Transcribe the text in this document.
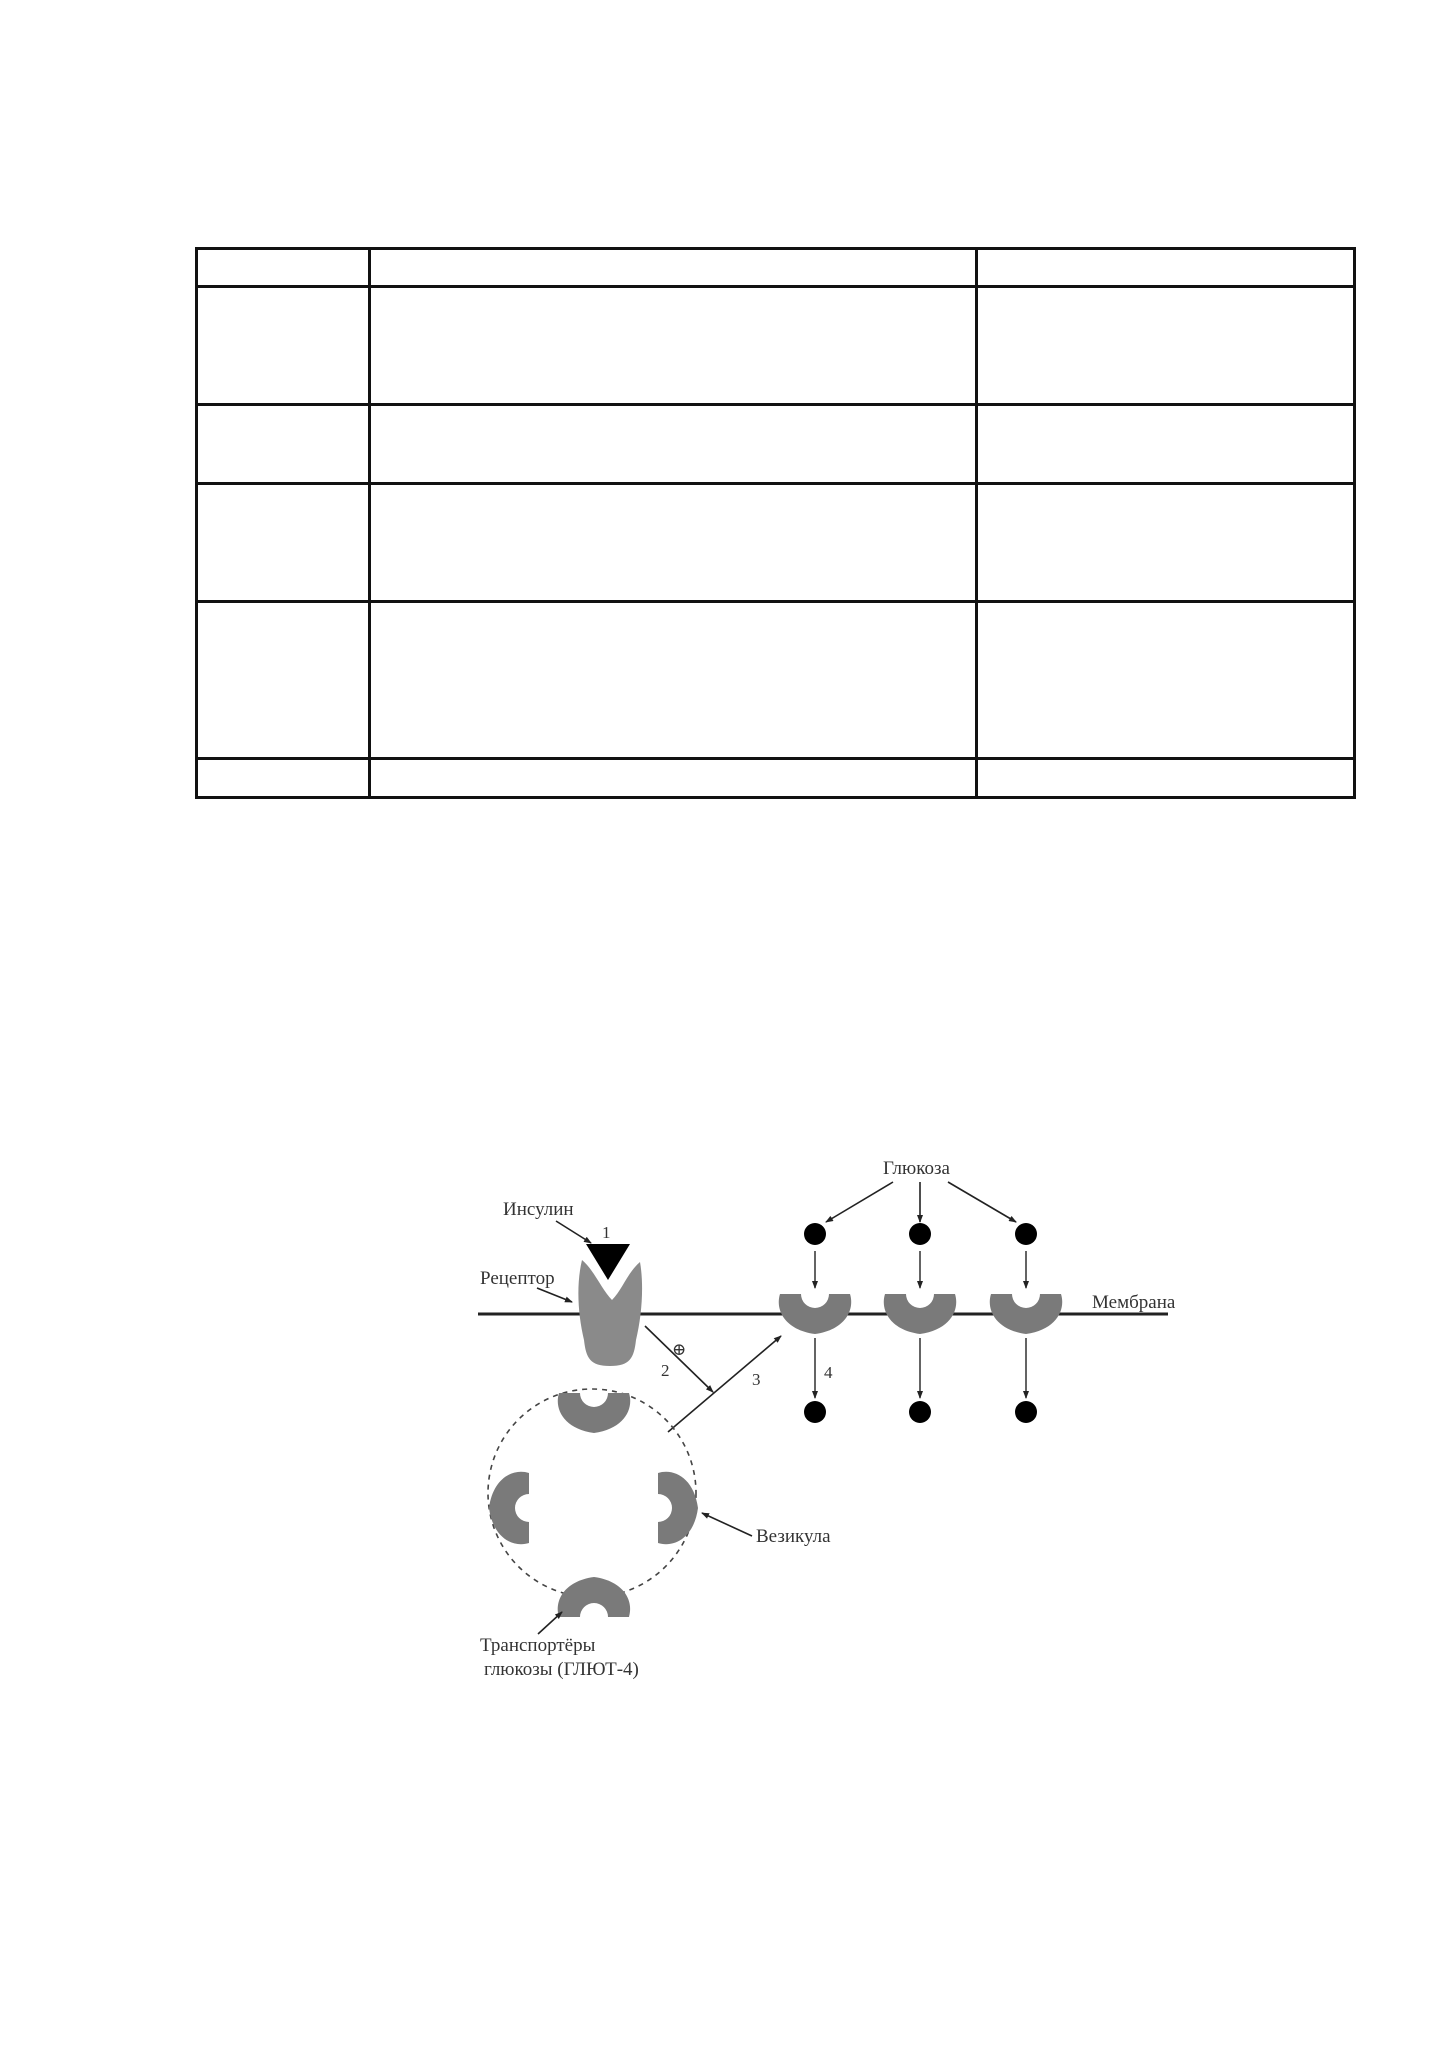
Инсулин
1
Рецептор
⊕
2	3
Везикула
Транспортёры
глюкозы (ГЛЮТ-4)
Глюкоза
Мембрана
4
